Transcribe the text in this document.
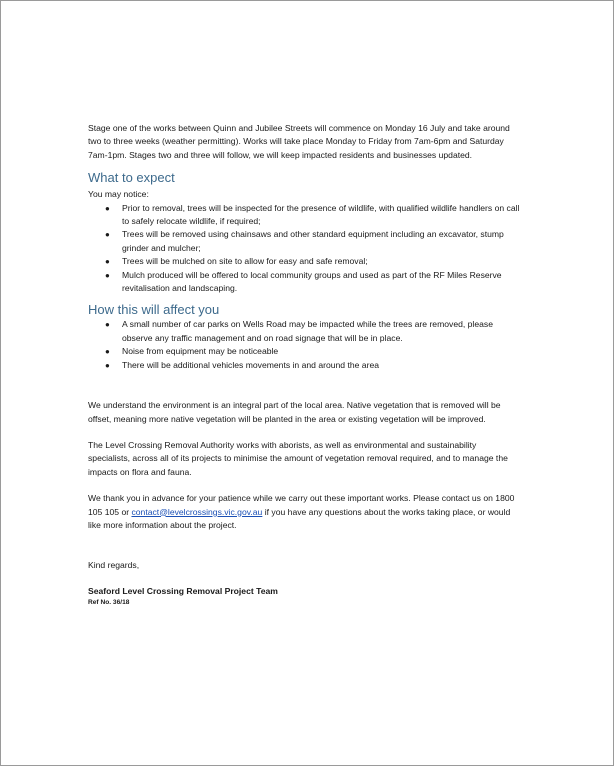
Stage one of the works between Quinn and Jubilee Streets will commence on Monday 16 July and take around two to three weeks (weather permitting). Works will take place Monday to Friday from 7am-6pm and Saturday 7am-1pm. Stages two and three will follow, we will keep impacted residents and businesses updated.

What to expect

You may notice:

● Prior to removal, trees will be inspected for the presence of wildlife, with qualified wildlife handlers on call to safely relocate wildlife, if required;
● Trees will be removed using chainsaws and other standard equipment including an excavator, stump grinder and mulcher;
● Trees will be mulched on site to allow for easy and safe removal;
● Mulch produced will be offered to local community groups and used as part of the RF Miles Reserve revitalisation and landscaping.
How this will affect you
● A small number of car parks on Wells Road may be impacted while the trees are removed, please observe any traffic management and on road signage that will be in place.
● Noise from equipment may be noticeable
● There will be additional vehicles movements in and around the area

We understand the environment is an integral part of the local area. Native vegetation that is removed will be offset, meaning more native vegetation will be planted in the area or existing vegetation will be improved.

The Level Crossing Removal Authority works with aborists, as well as environmental and sustainability specialists, across all of its projects to minimise the amount of vegetation removal required, and to manage the impacts on flora and fauna.

We thank you in advance for your patience while we carry out these important works. Please contact us on 1800 105 105 or contact@levelcrossings.vic.gov.au if you have any questions about the works taking place, or would like more information about the project.

Kind regards,

Seaford Level Crossing Removal Project Team

Ref No. 36/18
